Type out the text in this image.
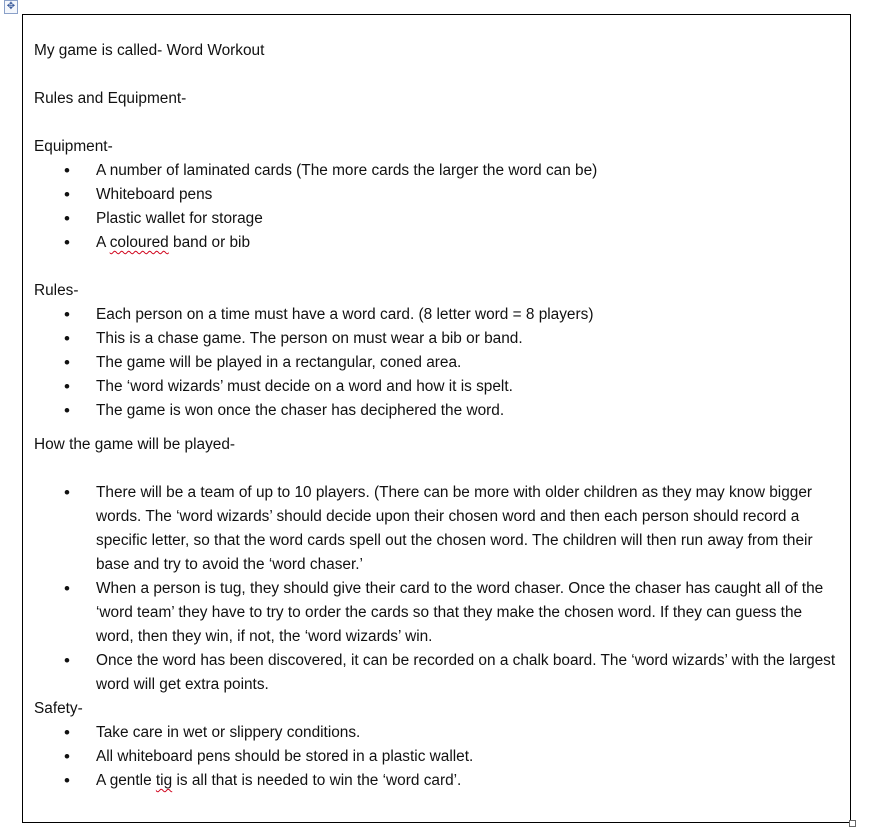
✥

My game is called- Word Workout

Rules and Equipment-

Equipment-

• A number of laminated cards (The more cards the larger the word can be)
• Whiteboard pens
• Plastic wallet for storage
• A coloured band or bib

Rules-

• Each person on a time must have a word card. (8 letter word = 8 players)
• This is a chase game. The person on must wear a bib or band.
• The game will be played in a rectangular, coned area.
• The ‘word wizards’ must decide on a word and how it is spelt.
• The game is won once the chaser has deciphered the word.

How the game will be played-

• There will be a team of up to 10 players. (There can be more with older children as they may know bigger words. The ‘word wizards’ should decide upon their chosen word and then each person should record a specific letter, so that the word cards spell out the chosen word. The children will then run away from their base and try to avoid the ‘word chaser.’
• When a person is tug, they should give their card to the word chaser. Once the chaser has caught all of the ‘word team’ they have to try to order the cards so that they make the chosen word. If they can guess the word, then they win, if not, the ‘word wizards’ win.
• Once the word has been discovered, it can be recorded on a chalk board. The ‘word wizards’ with the largest word will get extra points.

Safety-

• Take care in wet or slippery conditions.
• All whiteboard pens should be stored in a plastic wallet.
• A gentle tig is all that is needed to win the ‘word card’.
